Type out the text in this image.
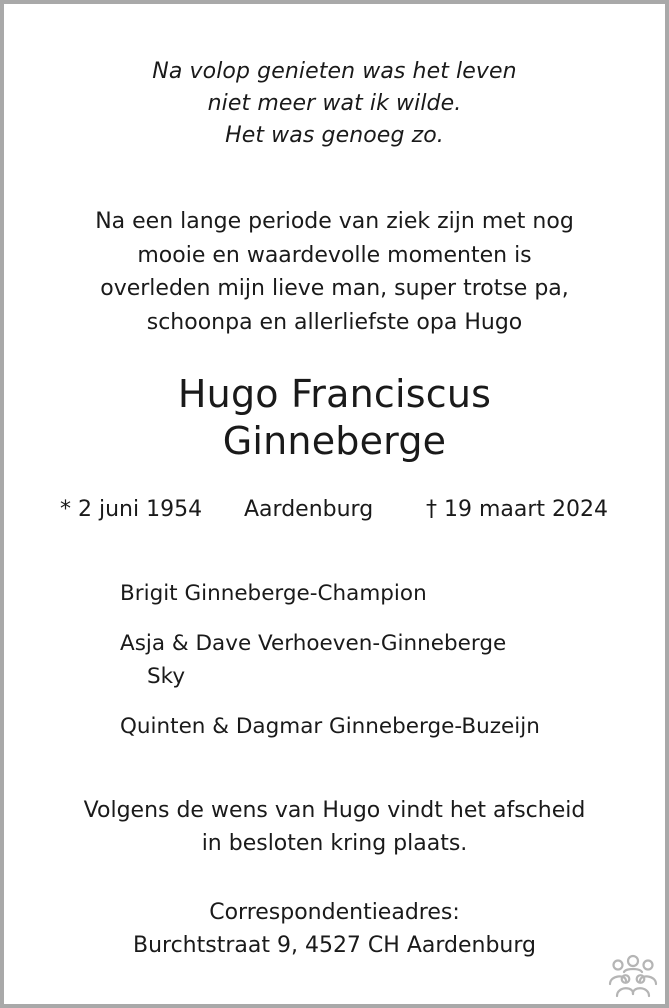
Na volop genieten was het leven
niet meer wat ik wilde.
Het was genoeg zo.
Na een lange periode van ziek zijn met nog
mooie en waardevolle momenten is
overleden mijn lieve man, super trotse pa,
schoonpa en allerliefste opa Hugo
Hugo Franciscus
Ginneberge
* 2 juni 1954 Aardenburg † 19 maart 2024
Brigit Ginneberge-Champion
Asja & Dave Verhoeven-Ginneberge
Sky
Quinten & Dagmar Ginneberge-Buzeijn
Volgens de wens van Hugo vindt het afscheid
in besloten kring plaats.
Correspondentieadres:
Burchtstraat 9, 4527 CH Aardenburg
